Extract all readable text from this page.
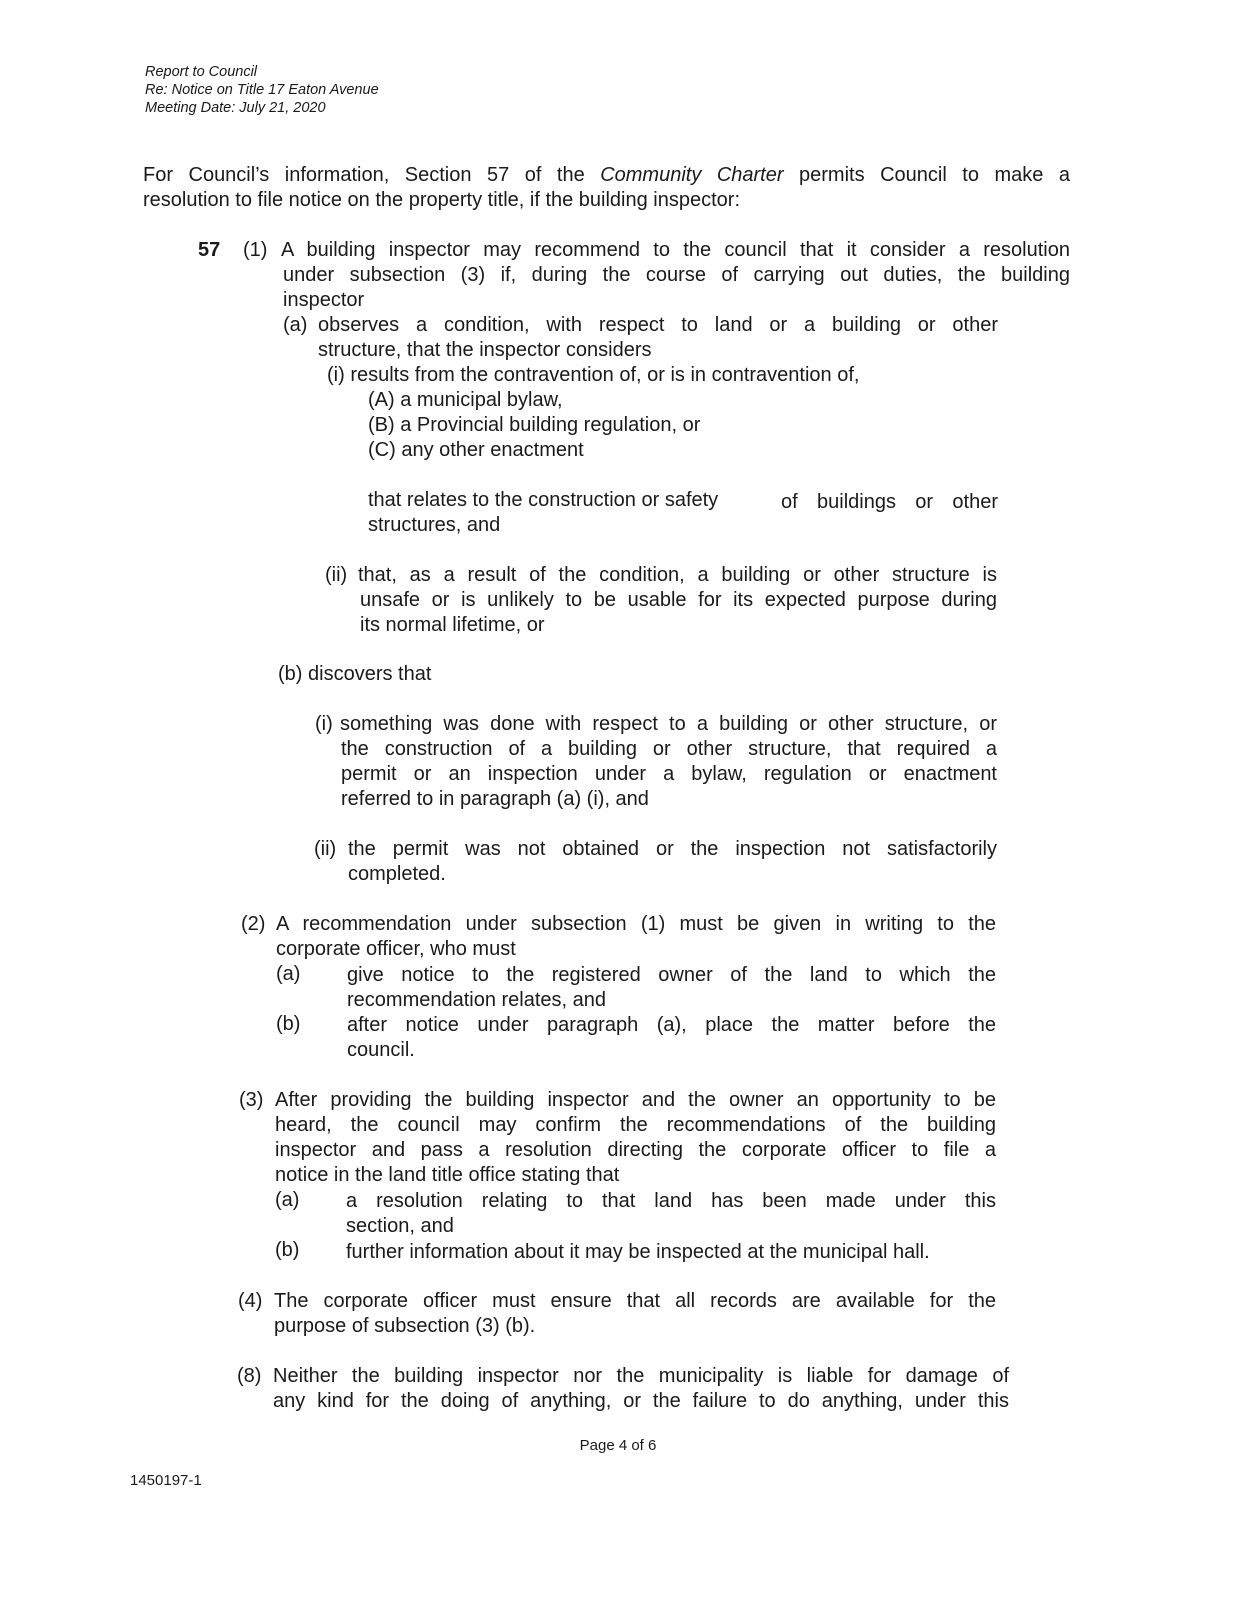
Report to Council
Re: Notice on Title 17 Eaton Avenue
Meeting Date: July 21, 2020
For Council’s information, Section 57 of the Community Charter permits Council to make a
resolution to file notice on the property title, if the building inspector:
57 (1) A building inspector may recommend to the council that it consider a resolution
under subsection (3) if, during the course of carrying out duties, the building
inspector
(a) observes a condition, with respect to land or a building or other
structure, that the inspector considers
(i) results from the contravention of, or is in contravention of,
(A) a municipal bylaw,
(B) a Provincial building regulation, or
(C) any other enactment
that relates to the construction or safety	of buildings or other
structures, and
(ii) that, as a result of the condition, a building or other structure is
unsafe or is unlikely to be usable for its expected purpose during
its normal lifetime, or
(b) discovers that
(i) something was done with respect to a building or other structure, or
the construction of a building or other structure, that required a
permit or an inspection under a bylaw, regulation or enactment
referred to in paragraph (a) (i), and
(ii) the permit was not obtained or the inspection not satisfactorily
completed.
(2) A recommendation under subsection (1) must be given in writing to the
corporate officer, who must
(a) give notice to the registered owner of the land to which the
recommendation relates, and
(b) after notice under paragraph (a), place the matter before the
council.
(3) After providing the building inspector and the owner an opportunity to be
heard, the council may confirm the recommendations of the building
inspector and pass a resolution directing the corporate officer to file a
notice in the land title office stating that
(a) a resolution relating to that land has been made under this
section, and
(b) further information about it may be inspected at the municipal hall.
(4) The corporate officer must ensure that all records are available for the
purpose of subsection (3) (b).
(8) Neither the building inspector nor the municipality is liable for damage of
any kind for the doing of anything, or the failure to do anything, under this
Page 4 of 6
1450197-1
